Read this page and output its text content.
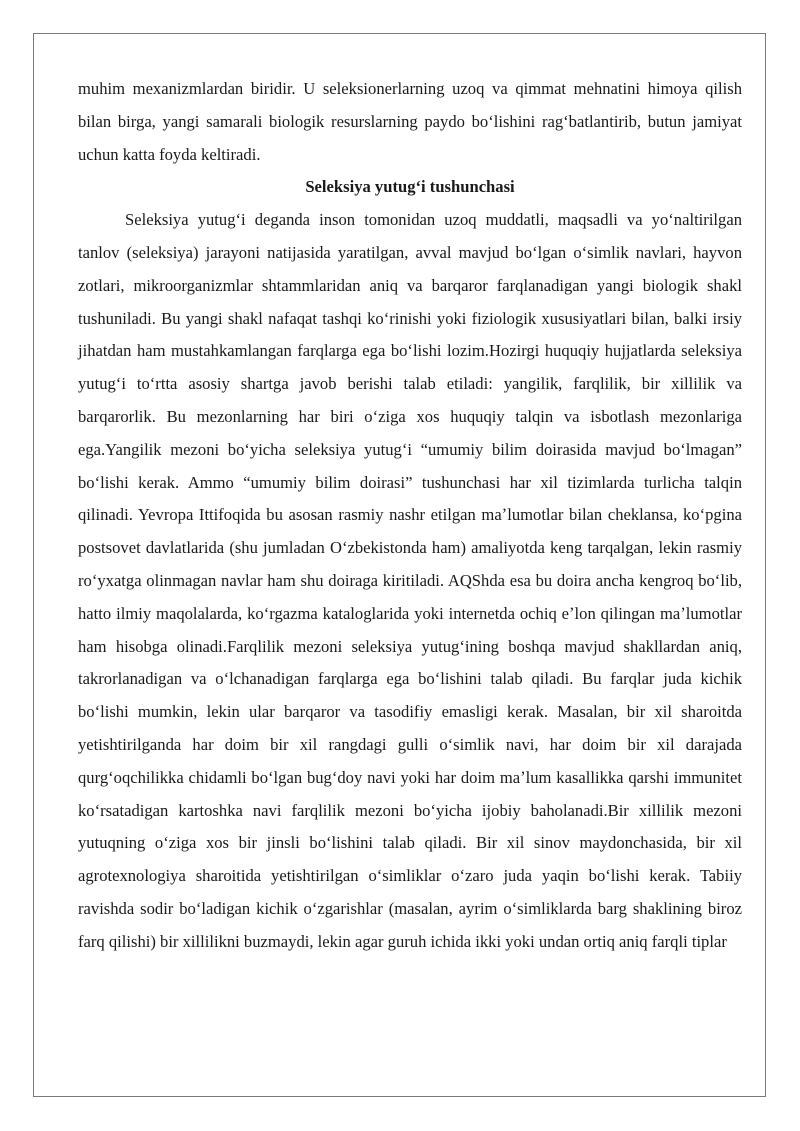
muhim mexanizmlardan biridir. U seleksionerlarning uzoq va qimmat mehnatini himoya qilish bilan birga, yangi samarali biologik resurslarning paydo boʻlishini ragʻbatlantirib, butun jamiyat uchun katta foyda keltiradi.

Seleksiya yutugʻi tushunchasi

Seleksiya yutugʻi deganda inson tomonidan uzoq muddatli, maqsadli va yoʻnaltirilgan tanlov (seleksiya) jarayoni natijasida yaratilgan, avval mavjud boʻlgan oʻsimlik navlari, hayvon zotlari, mikroorganizmlar shtammlaridan aniq va barqaror farqlanadigan yangi biologik shakl tushuniladi. Bu yangi shakl nafaqat tashqi koʻrinishi yoki fiziologik xususiyatlari bilan, balki irsiy jihatdan ham mustahkamlangan farqlarga ega boʻlishi lozim.Hozirgi huquqiy hujjatlarda seleksiya yutugʻi toʻrtta asosiy shartga javob berishi talab etiladi: yangilik, farqlilik, bir xillilik va barqarorlik. Bu mezonlarning har biri oʻziga xos huquqiy talqin va isbotlash mezonlariga ega.Yangilik mezoni boʻyicha seleksiya yutugʻi “umumiy bilim doirasida mavjud boʻlmagan” boʻlishi kerak. Ammo “umumiy bilim doirasi” tushunchasi har xil tizimlarda turlicha talqin qilinadi. Yevropa Ittifoqida bu asosan rasmiy nashr etilgan maʼlumotlar bilan cheklansa, koʻpgina postsovet davlatlarida (shu jumladan Oʻzbekistonda ham) amaliyotda keng tarqalgan, lekin rasmiy roʻyxatga olinmagan navlar ham shu doiraga kiritiladi. AQShda esa bu doira ancha kengroq boʻlib, hatto ilmiy maqolalarda, koʻrgazma kataloglarida yoki internetda ochiq eʼlon qilingan maʼlumotlar ham hisobga olinadi.Farqlilik mezoni seleksiya yutugʻining boshqa mavjud shakllardan aniq, takrorlanadigan va oʻlchanadigan farqlarga ega boʻlishini talab qiladi. Bu farqlar juda kichik boʻlishi mumkin, lekin ular barqaror va tasodifiy emasligi kerak. Masalan, bir xil sharoitda yetishtirilganda har doim bir xil rangdagi gulli oʻsimlik navi, har doim bir xil darajada qurgʻoqchilikka chidamli boʻlgan bugʻdoy navi yoki har doim maʼlum kasallikka qarshi immunitet koʻrsatadigan kartoshka navi farqlilik mezoni boʻyicha ijobiy baholanadi.Bir xillilik mezoni yutuqning oʻziga xos bir jinsli boʻlishini talab qiladi. Bir xil sinov maydonchasida, bir xil agrotexnologiya sharoitida yetishtirilgan oʻsimliklar oʻzaro juda yaqin boʻlishi kerak. Tabiiy ravishda sodir boʻladigan kichik oʻzgarishlar (masalan, ayrim oʻsimliklarda barg shaklining biroz farq qilishi) bir xillilikni buzmaydi, lekin agar guruh ichida ikki yoki undan ortiq aniq farqli tiplar
